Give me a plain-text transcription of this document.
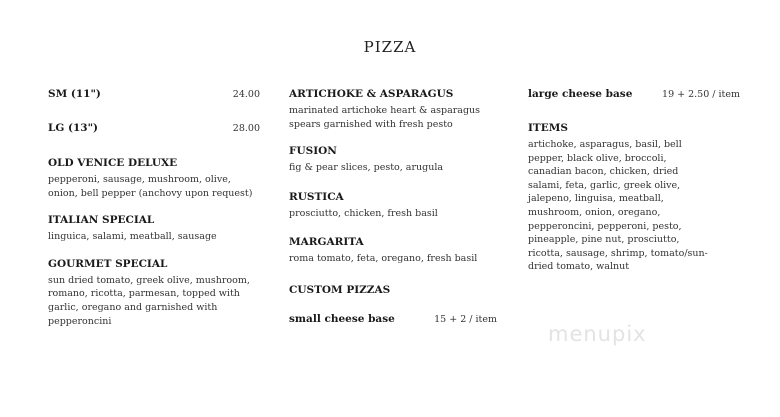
PIZZA
SM (11")	24.00
LG (13")	28.00
OLD VENICE DELUXE
pepperoni, sausage, mushroom, olive, onion, bell pepper (anchovy upon request)
ITALIAN SPECIAL
linguica, salami, meatball, sausage
GOURMET SPECIAL
sun dried tomato, greek olive, mushroom, romano, ricotta, parmesan, topped with garlic, oregano and garnished with pepperoncini
ARTICHOKE & ASPARAGUS
marinated artichoke heart & asparagus spears garnished with fresh pesto
FUSION
fig & pear slices, pesto, arugula
RUSTICA
prosciutto, chicken, fresh basil
MARGARITA
roma tomato, feta, oregano, fresh basil
CUSTOM PIZZAS
small cheese base	15 + 2 / item
large cheese base	19 + 2.50 / item
ITEMS
artichoke, asparagus, basil, bell pepper, black olive, broccoli, canadian bacon, chicken, dried salami, feta, garlic, greek olive, jalepeno, linguisa, meatball, mushroom, onion, oregano, pepperoncini, pepperoni, pesto, pineapple, pine nut, prosciutto, ricotta, sausage, shrimp, tomato/sun-dried tomato, walnut
menupix
